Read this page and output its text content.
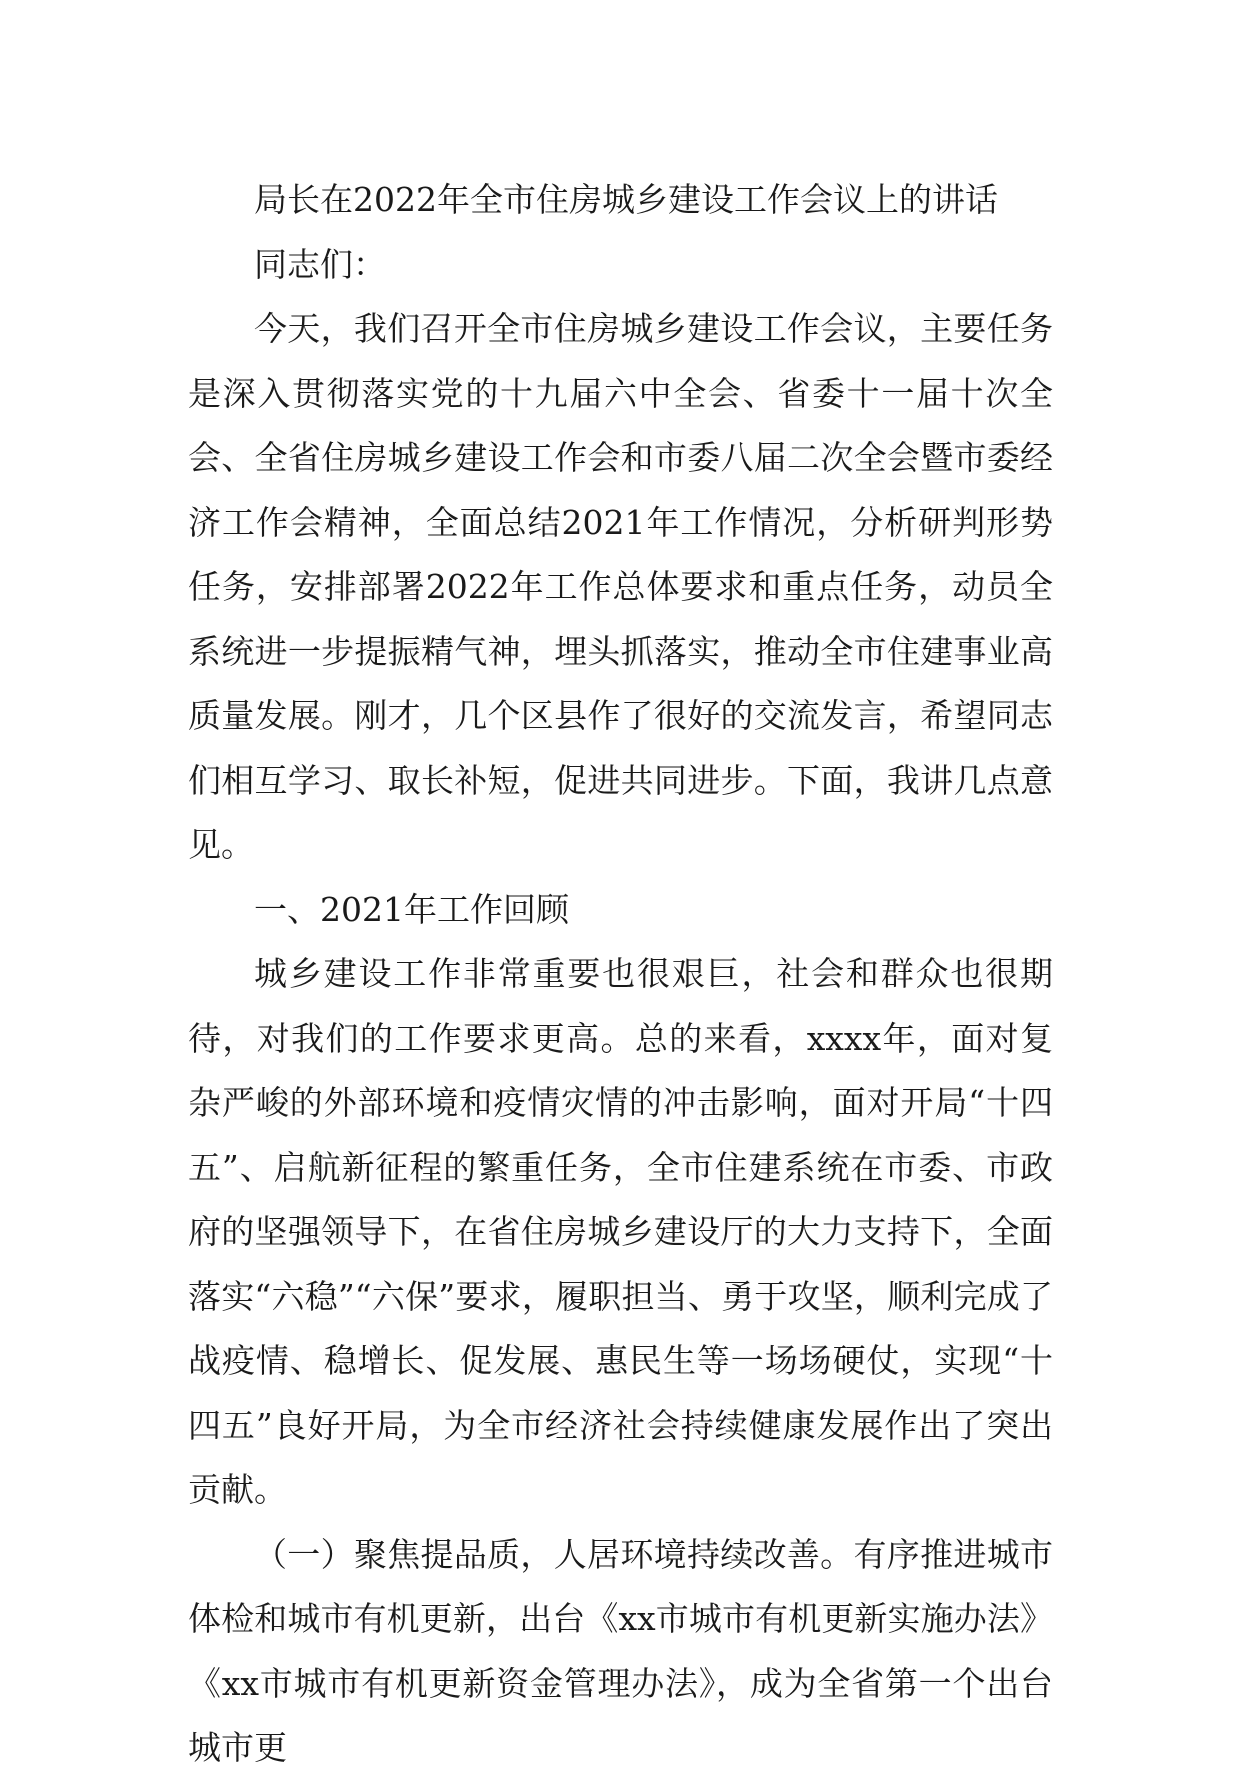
局长在2022年全市住房城乡建设工作会议上的讲话

同志们：

今天，我们召开全市住房城乡建设工作会议，主要任务是深入贯彻落实党的十九届六中全会、省委十一届十次全会、全省住房城乡建设工作会和市委八届二次全会暨市委经济工作会精神，全面总结2021年工作情况，分析研判形势任务，安排部署2022年工作总体要求和重点任务，动员全系统进一步提振精气神，埋头抓落实，推动全市住建事业高质量发展。刚才，几个区县作了很好的交流发言，希望同志们相互学习、取长补短，促进共同进步。下面，我讲几点意见。

一、2021年工作回顾

城乡建设工作非常重要也很艰巨，社会和群众也很期待，对我们的工作要求更高。总的来看，xxxx年，面对复杂严峻的外部环境和疫情灾情的冲击影响，面对开局“十四五”、启航新征程的繁重任务，全市住建系统在市委、市政府的坚强领导下，在省住房城乡建设厅的大力支持下，全面落实“六稳”“六保”要求，履职担当、勇于攻坚，顺利完成了战疫情、稳增长、促发展、惠民生等一场场硬仗，实现“十四五”良好开局，为全市经济社会持续健康发展作出了突出贡献。

（一）聚焦提品质，人居环境持续改善。有序推进城市体检和城市有机更新，出台《xx市城市有机更新实施办法》《xx市城市有机更新资金管理办法》，成为全省第一个出台城市更
